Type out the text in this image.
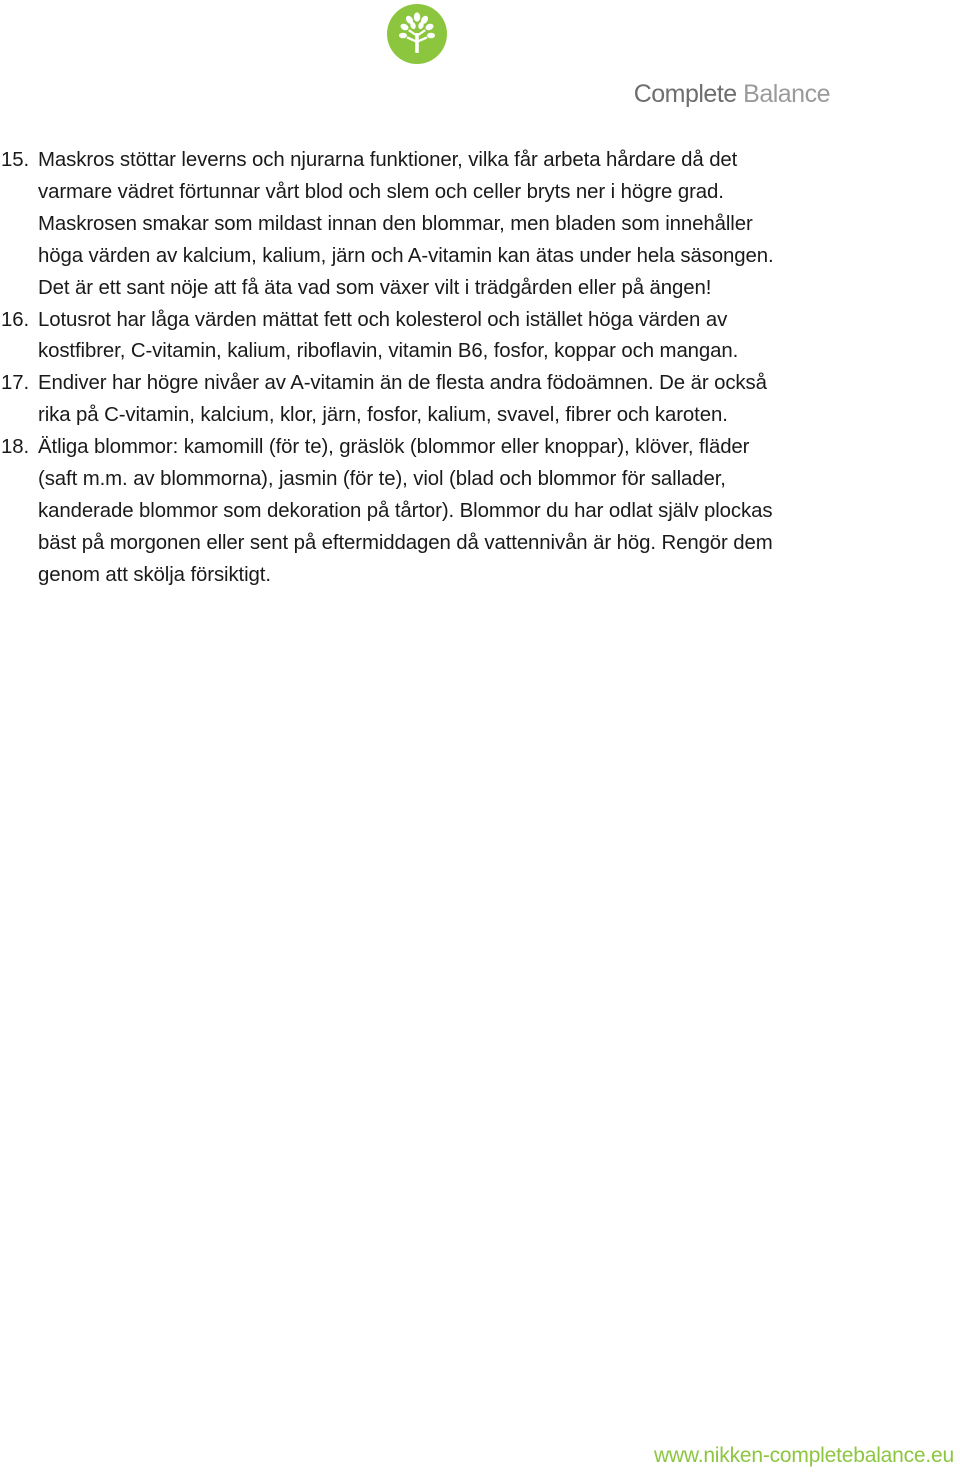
Complete Balance
15. Maskros stöttar leverns och njurarna funktioner, vilka får arbeta hårdare då det
varmare vädret förtunnar vårt blod och slem och celler bryts ner i högre grad.
Maskrosen smakar som mildast innan den blommar, men bladen som innehåller
höga värden av kalcium, kalium, järn och A-vitamin kan ätas under hela säsongen.
Det är ett sant nöje att få äta vad som växer vilt i trädgården eller på ängen!
16. Lotusrot har låga värden mättat fett och kolesterol och istället höga värden av
kostfibrer, C-vitamin, kalium, riboflavin, vitamin B6, fosfor, koppar och mangan.
17. Endiver har högre nivåer av A-vitamin än de flesta andra födoämnen. De är också
rika på C-vitamin, kalcium, klor, järn, fosfor, kalium, svavel, fibrer och karoten.
18. Ätliga blommor: kamomill (för te), gräslök (blommor eller knoppar), klöver, fläder
(saft m.m. av blommorna), jasmin (för te), viol (blad och blommor för sallader,
kanderade blommor som dekoration på tårtor). Blommor du har odlat själv plockas
bäst på morgonen eller sent på eftermiddagen då vattennivån är hög. Rengör dem
genom att skölja försiktigt.
www.nikken-completebalance.eu
